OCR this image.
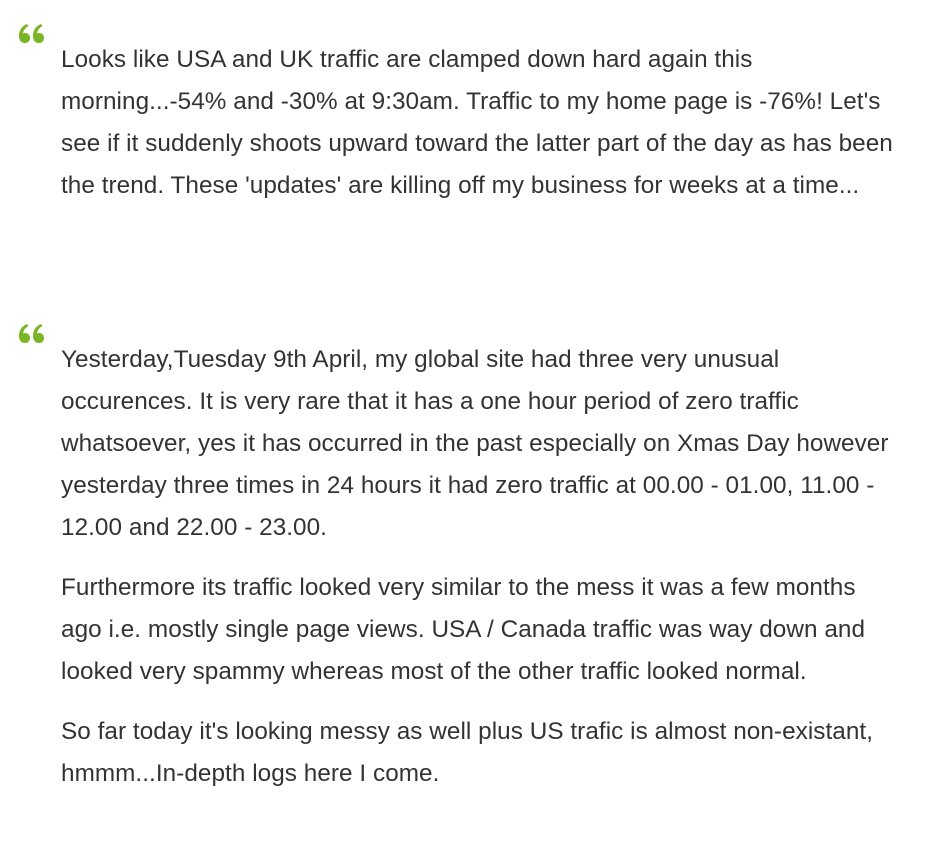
Looks like USA and UK traffic are clamped down hard again this morning...-54% and -30% at 9:30am. Traffic to my home page is -76%! Let's see if it suddenly shoots upward toward the latter part of the day as has been the trend. These 'updates' are killing off my business for weeks at a time...

Yesterday,Tuesday 9th April, my global site had three very unusual occurences. It is very rare that it has a one hour period of zero traffic whatsoever, yes it has occurred in the past especially on Xmas Day however yesterday three times in 24 hours it had zero traffic at 00.00 - 01.00, 11.00 - 12.00 and 22.00 - 23.00.

Furthermore its traffic looked very similar to the mess it was a few months ago i.e. mostly single page views. USA / Canada traffic was way down and looked very spammy whereas most of the other traffic looked normal.

So far today it's looking messy as well plus US trafic is almost non-existant, hmmm...In-depth logs here I come.
